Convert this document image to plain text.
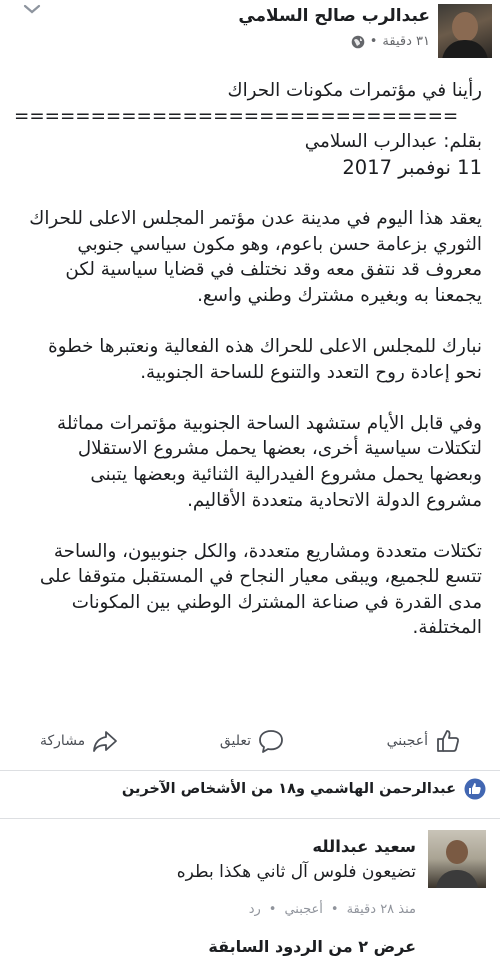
عبدالرب صالح السلامي
٣١ دقيقة
•
رأينا في مؤتمرات مكونات الحراك
=============================
بقلم: عبدالرب السلامي
11 نوفمبر 2017
يعقد هذا اليوم في مدينة عدن مؤتمر المجلس الاعلى للحراك
الثوري بزعامة حسن باعوم، وهو مكون سياسي جنوبي
معروف قد نتفق معه وقد نختلف في قضايا سياسية لكن
يجمعنا به وبغيره مشترك وطني واسع.
نبارك للمجلس الاعلى للحراك هذه الفعالية ونعتبرها خطوة
نحو إعادة روح التعدد والتنوع للساحة الجنوبية.
وفي قابل الأيام ستشهد الساحة الجنوبية مؤتمرات مماثلة
لتكتلات سياسية أخرى، بعضها يحمل مشروع الاستقلال
وبعضها يحمل مشروع الفيدرالية الثنائية وبعضها يتبنى
مشروع الدولة الاتحادية متعددة الأقاليم.
تكتلات متعددة ومشاريع متعددة، والكل جنوبيون، والساحة
تتسع للجميع، ويبقى معيار النجاح في المستقبل متوقفا على
مدى القدرة في صناعة المشترك الوطني بين المكونات
المختلفة.
أعجبني
تعليق
مشاركة
عبدالرحمن الهاشمي و١٨ من الأشخاص الآخرين
سعيد عبدالله
تضيعون فلوس آل ثاني هكذا بطره
منذ ٢٨ دقيقة
•
أعجبني
•
رد
عرض ٢ من الردود السابقة
